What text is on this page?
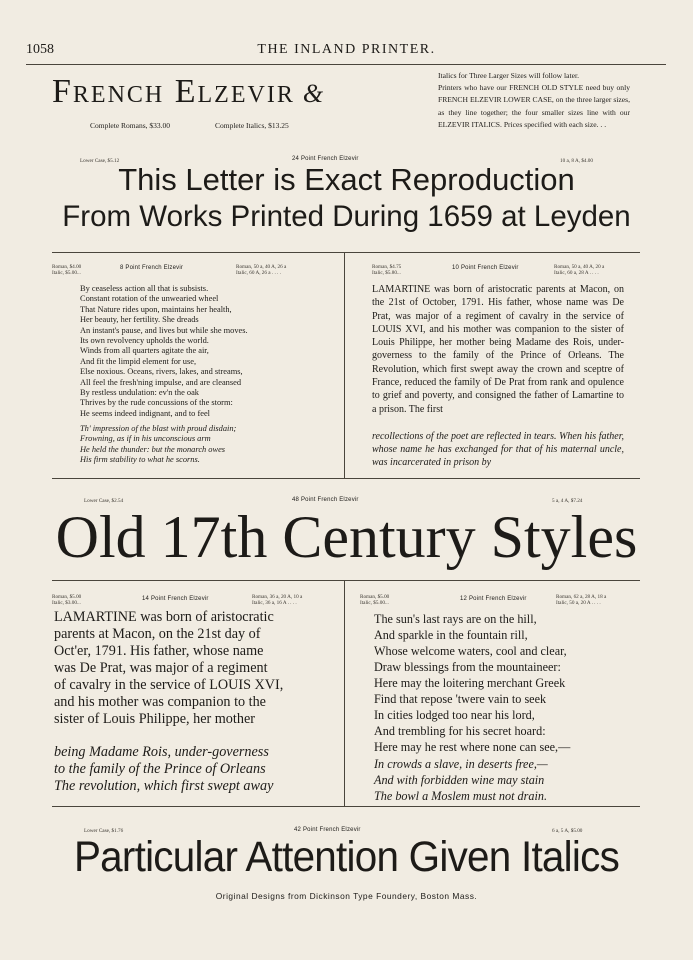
1058	THE INLAND PRINTER.
French Elzevir &
Complete Romans, $33.00	Complete Italics, $13.25
Italics for Three Larger Sizes will follow later.
Printers who have our FRENCH OLD STYLE need buy only FRENCH ELZEVIR LOWER CASE, on the three larger sizes, as they line together; the four smaller sizes line with our ELZEVIR ITALICS. Prices specified with each size. . .
Lower Case, $5.12	24 Point French Elzevir	10 a, 8 A, $4.00
This Letter is Exact Reproduction
From Works Printed During 1659 at Leyden
Roman, $4.00
Italic, $5.00...
8 Point French Elzevir	Roman, 50 a, 40 A, 26 a
Italic, 60 A, 26 a . . . .
By ceaseless action all that is subsists.
Constant rotation of the unwearied wheel
That Nature rides upon, maintains her health,
Her beauty, her fertility. She dreads
An instant's pause, and lives but while she moves.
Its own revolvency upholds the world.
Winds from all quarters agitate the air,
And fit the limpid element for use,
Else noxious. Oceans, rivers, lakes, and streams,
All feel the fresh'ning impulse, and are cleansed
By restless undulation: ev'n the oak
Thrives by the rude concussions of the storm:
He seems indeed indignant, and to feel
Th' impression of the blast with proud disdain;
Frowning, as if in his unconscious arm
He held the thunder: but the monarch owes
His firm stability to what he scorns.
Roman, $4.75
Italic, $5.80...
10 Point French Elzevir	Roman, 50 a, 40 A, 20 a
Italic, 60 a, 28 A . . . .
LAMARTINE was born of aristocratic parents at Macon, on the 21st of October, 1791. His father, whose name was De Prat, was major of a regiment of cavalry in the service of LOUIS XVI, and his mother was companion to the sister of Louis Philippe, her mother being Madame des Rois, under-governess to the family of the Prince of Orleans. The Revolution, which first swept away the crown and sceptre of France, reduced the family of De Prat from rank and opulence to grief and poverty, and consigned the father of Lamartine to a prison. The first
recollections of the poet are reflected in tears. When his father, whose name he has exchanged for that of his maternal uncle, was incarcerated in prison by
Lower Case, $2.54	48 Point French Elzevir	5 a, 4 A, $7.24
Old 17th Century Styles
Roman, $5.00
Italic, $3.00...
14 Point French Elzevir	Roman, 36 a, 20 A, 10 a
Italic, 36 a, 16 A . . . .
LAMARTINE was born of aristocratic
parents at Macon, on the 21st day of
Oct'er, 1791. His father, whose name
was De Prat, was major of a regiment
of cavalry in the service of LOUIS XVI,
and his mother was companion to the
sister of Louis Philippe, her mother
being Madame Rois, under-governess
to the family of the Prince of Orleans
The revolution, which first swept away
Roman, $5.00
Italic, $5.00...
12 Point French Elzevir	Roman, 62 a, 28 A, 18 a
Italic, 50 a, 20 A . . . .
The sun's last rays are on the hill,
And sparkle in the fountain rill,
Whose welcome waters, cool and clear,
Draw blessings from the mountaineer:
Here may the loitering merchant Greek
Find that repose 'twere vain to seek
In cities lodged too near his lord,
And trembling for his secret hoard:
Here may he rest where none can see,—
In crowds a slave, in deserts free,—
And with forbidden wine may stain
The bowl a Moslem must not drain.
Lower Case, $1.76	42 Point French Elzevir	6 a, 5 A, $5.00
Particular Attention Given Italics
Original Designs from Dickinson Type Foundery, Boston Mass.
